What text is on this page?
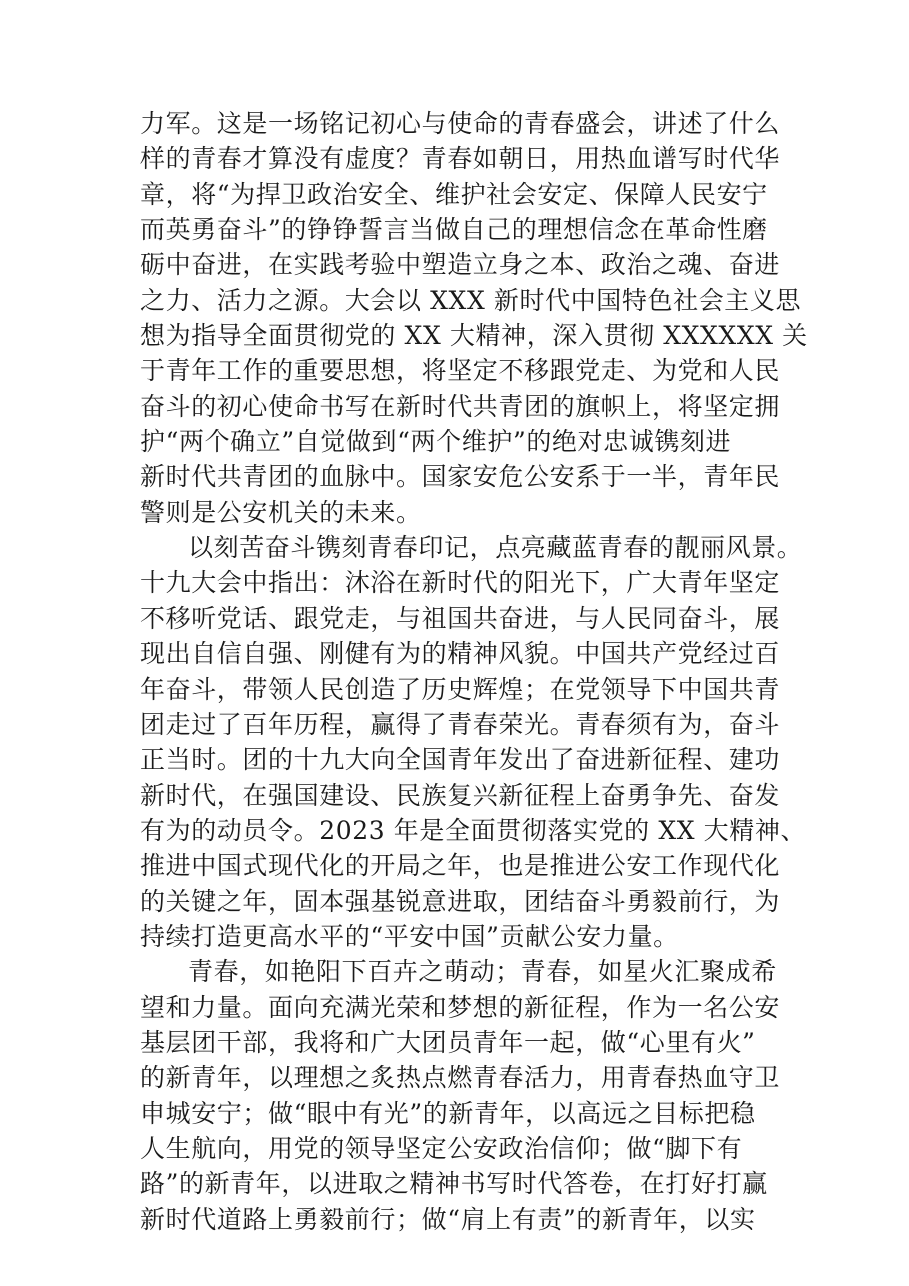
力军。这是一场铭记初心与使命的青春盛会，讲述了什么
样的青春才算没有虚度？青春如朝日，用热血谱写时代华
章，将“为捍卫政治安全、维护社会安定、保障人民安宁
而英勇奋斗”的铮铮誓言当做自己的理想信念在革命性磨
砺中奋进，在实践考验中塑造立身之本、政治之魂、奋进
之力、活力之源。大会以 XXX 新时代中国特色社会主义思
想为指导全面贯彻党的 XX 大精神，深入贯彻 XXXXXX 关
于青年工作的重要思想，将坚定不移跟党走、为党和人民
奋斗的初心使命书写在新时代共青团的旗帜上，将坚定拥
护“两个确立”自觉做到“两个维护”的绝对忠诚镌刻进
新时代共青团的血脉中。国家安危公安系于一半，青年民
警则是公安机关的未来。
以刻苦奋斗镌刻青春印记，点亮藏蓝青春的靓丽风景。
十九大会中指出：沐浴在新时代的阳光下，广大青年坚定
不移听党话、跟党走，与祖国共奋进，与人民同奋斗，展
现出自信自强、刚健有为的精神风貌。中国共产党经过百
年奋斗，带领人民创造了历史辉煌；在党领导下中国共青
团走过了百年历程，赢得了青春荣光。青春须有为，奋斗
正当时。团的十九大向全国青年发出了奋进新征程、建功
新时代，在强国建设、民族复兴新征程上奋勇争先、奋发
有为的动员令。2023 年是全面贯彻落实党的 XX 大精神、
推进中国式现代化的开局之年，也是推进公安工作现代化
的关键之年，固本强基锐意进取，团结奋斗勇毅前行，为
持续打造更高水平的“平安中国”贡献公安力量。
青春，如艳阳下百卉之萌动；青春，如星火汇聚成希
望和力量。面向充满光荣和梦想的新征程，作为一名公安
基层团干部，我将和广大团员青年一起，做“心里有火”
的新青年，以理想之炙热点燃青春活力，用青春热血守卫
申城安宁；做“眼中有光”的新青年，以高远之目标把稳
人生航向，用党的领导坚定公安政治信仰；做“脚下有
路”的新青年，以进取之精神书写时代答卷，在打好打赢
新时代道路上勇毅前行；做“肩上有责”的新青年，以实
